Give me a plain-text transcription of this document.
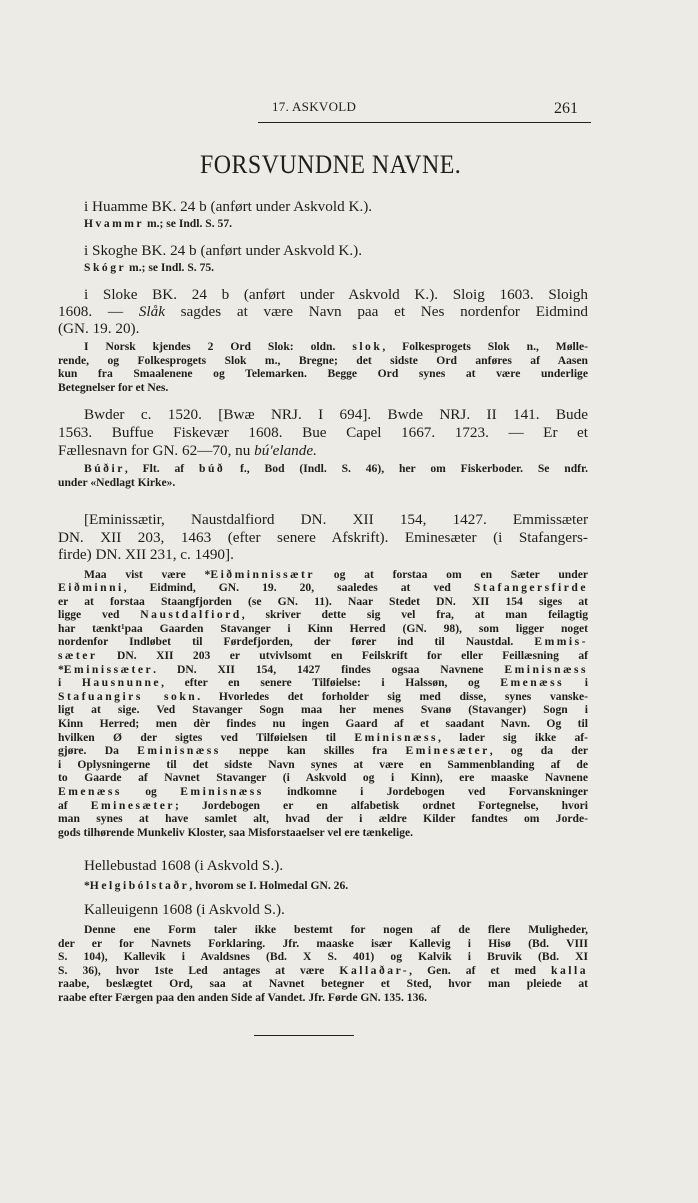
17. ASKVOLD	261
FORSVUNDNE NAVNE.
i Huamme BK. 24 b (anført under Askvold K.).
Hvammr m.; se Indl. S. 57.
i Skoghe BK. 24 b (anført under Askvold K.).
Skógr m.; se Indl. S. 75.
i Sloke BK. 24 b (anført under Askvold K.). Sloig 1603. Sloigh
1608. — Slåk sagdes at være Navn paa et Nes nordenfor Eidmind
(GN. 19. 20).
I Norsk kjendes 2 Ord Slok: oldn. slok, Folkesprogets Slok n., Mølle-
rende, og Folkesprogets Slok m., Bregne; det sidste Ord anføres af Aasen
kun fra Smaalenene og Telemarken. Begge Ord synes at være underlige
Betegnelser for et Nes.
Bwder c. 1520. [Bwæ NRJ. I 694]. Bwde NRJ. II 141. Bude
1563. Buffue Fiskevær 1608. Bue Capel 1667. 1723. — Er et
Fællesnavn for GN. 62—70, nu bú'elande.
Búðir, Flt. af búð f., Bod (Indl. S. 46), her om Fiskerboder. Se ndfr.
under «Nedlagt Kirke».
[Eminissætir, Naustdalfiord DN. XII 154, 1427. Emmissæter
DN. XII 203, 1463 (efter senere Afskrift). Eminesæter (i Stafangers-
firde) DN. XII 231, c. 1490].
Maa vist være *Eiðminnissætr og at forstaa om en Sæter under
Eiðminni, Eidmind, GN. 19. 20, saaledes at ved Stafangersfirde
er at forstaa Staangfjorden (se GN. 11). Naar Stedet DN. XII 154 siges at
ligge ved Naustdalfiord, skriver dette sig vel fra, at man feilagtig
har tænkt¹paa Gaarden Stavanger i Kinn Herred (GN. 98), som ligger noget
nordenfor Indløbet til Førdefjorden, der fører ind til Naustdal. Emmis-
sæter DN. XII 203 er utvivlsomt en Feilskrift for eller Feillæsning af
*Eminissæter. DN. XII 154, 1427 findes ogsaa Navnene Eminisnæss
i Hausnunne, efter en senere Tilføielse: i Halssøn, og Emenæss i
Stafuangirs sokn. Hvorledes det forholder sig med disse, synes vanske-
ligt at sige. Ved Stavanger Sogn maa her menes Svanø (Stavanger) Sogn i
Kinn Herred; men dèr findes nu ingen Gaard af et saadant Navn. Og til
hvilken Ø der sigtes ved Tilføielsen til Eminisnæss, lader sig ikke af-
gjøre. Da Eminisnæss neppe kan skilles fra Eminesæter, og da der
i Oplysningerne til det sidste Navn synes at være en Sammenblanding af de
to Gaarde af Navnet Stavanger (i Askvold og i Kinn), ere maaske Navnene
Emenæss og Eminisnæss indkomne i Jordebogen ved Forvanskninger
af Eminesæter; Jordebogen er en alfabetisk ordnet Fortegnelse, hvori
man synes at have samlet alt, hvad der i ældre Kilder fandtes om Jorde-
gods tilhørende Munkeliv Kloster, saa Misforstaaelser vel ere tænkelige.
Hellebustad 1608 (i Askvold S.).
*Helgibólstaðr, hvorom se I. Holmedal GN. 26.
Kalleuigenn 1608 (i Askvold S.).
Denne ene Form taler ikke bestemt for nogen af de flere Muligheder,
der er for Navnets Forklaring. Jfr. maaske især Kallevig i Hisø (Bd. VIII
S. 104), Kallevik i Avaldsnes (Bd. X S. 401) og Kalvik i Bruvik (Bd. XI
S. 36), hvor 1ste Led antages at være Kallaðar-, Gen. af et med kalla
raabe, beslægtet Ord, saa at Navnet betegner et Sted, hvor man pleiede at
raabe efter Færgen paa den anden Side af Vandet. Jfr. Førde GN. 135. 136.
